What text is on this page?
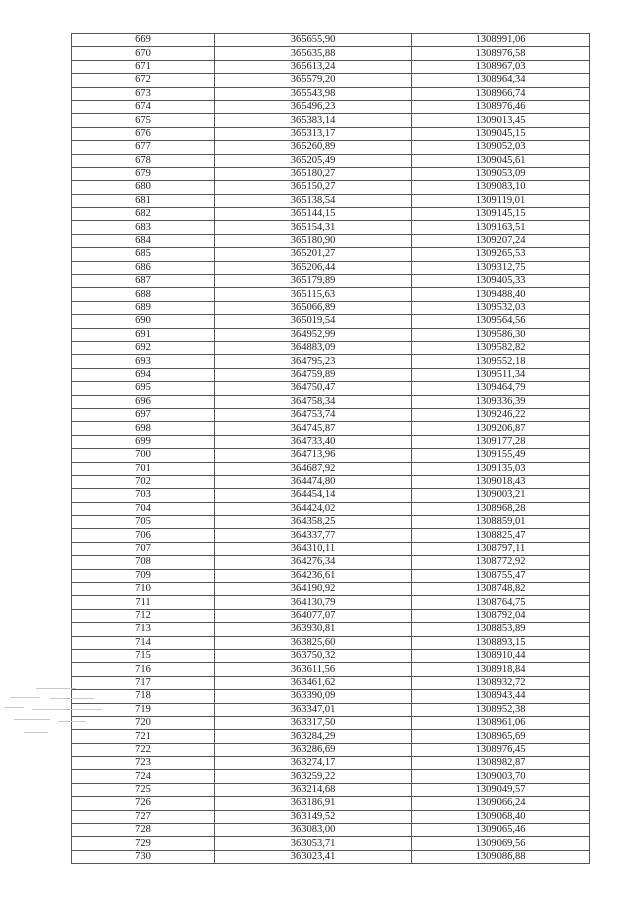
669	365655,90	1308991,06
670	365635,88	1308976,58
671	365613,24	1308967,03
672	365579,20	1308964,34
673	365543,98	1308966,74
674	365496,23	1308976,46
675	365383,14	1309013,45
676	365313,17	1309045,15
677	365260,89	1309052,03
678	365205,49	1309045,61
679	365180,27	1309053,09
680	365150,27	1309083,10
681	365138,54	1309119,01
682	365144,15	1309145,15
683	365154,31	1309163,51
684	365180,90	1309207,24
685	365201,27	1309265,53
686	365206,44	1309312,75
687	365179,89	1309405,33
688	365115,63	1309488,40
689	365066,89	1309532,03
690	365019,54	1309564,56
691	364952,99	1309586,30
692	364883,09	1309582,82
693	364795,23	1309552,18
694	364759,89	1309511,34
695	364750,47	1309464,79
696	364758,34	1309336,39
697	364753,74	1309246,22
698	364745,87	1309206,87
699	364733,40	1309177,28
700	364713,96	1309155,49
701	364687,92	1309135,03
702	364474,80	1309018,43
703	364454,14	1309003,21
704	364424,02	1308968,28
705	364358,25	1308859,01
706	364337,77	1308825,47
707	364310,11	1308797,11
708	364276,34	1308772,92
709	364236,61	1308755,47
710	364190,92	1308748,82
711	364130,79	1308764,75
712	364077,07	1308792,04
713	363930,81	1308853,89
714	363825,60	1308893,15
715	363750,32	1308910,44
716	363611,56	1308918,84
717	363461,62	1308932,72
718	363390,09	1308943,44
719	363347,01	1308952,38
720	363317,50	1308961,06
721	363284,29	1308965,69
722	363286,69	1308976,45
723	363274,17	1308982,87
724	363259,22	1309003,70
725	363214,68	1309049,57
726	363186,91	1309066,24
727	363149,52	1309068,40
728	363083,00	1309065,46
729	363053,71	1309069,56
730	363023,41	1309086,88
